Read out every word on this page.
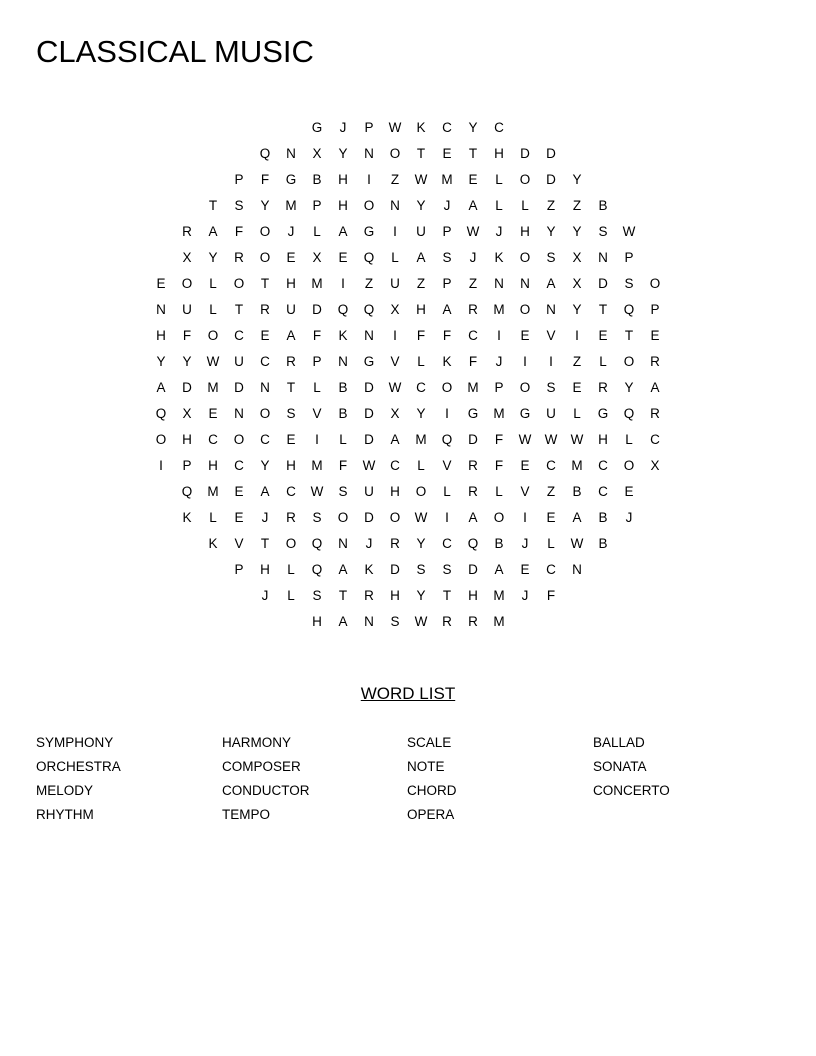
CLASSICAL MUSIC
G	J	P	W	K	C	Y	C
Q	N	X	Y	N	O	T	E	T	H	D	D
P	F	G	B	H	I	Z	W	M	E	L	O	D	Y
T	S	Y	M	P	H	O	N	Y	J	A	L	L	Z	Z	B
R	A	F	O	J	L	A	G	I	U	P	W	J	H	Y	Y	S	W
X	Y	R	O	E	X	E	Q	L	A	S	J	K	O	S	X	N	P
E	O	L	O	T	H	M	I	Z	U	Z	P	Z	N	N	A	X	D	S	O
N	U	L	T	R	U	D	Q	Q	X	H	A	R	M	O	N	Y	T	Q	P
H	F	O	C	E	A	F	K	N	I	F	F	C	I	E	V	I	E	T	E
Y	Y	W	U	C	R	P	N	G	V	L	K	F	J	I	I	Z	L	O	R
A	D	M	D	N	T	L	B	D	W	C	O	M	P	O	S	E	R	Y	A
Q	X	E	N	O	S	V	B	D	X	Y	I	G	M	G	U	L	G	Q	R
O	H	C	O	C	E	I	L	D	A	M	Q	D	F	W W W	H	L	C
I	P	H	C	Y	H	M	F	W	C	L	V	R	F	E	C	M	C	O	X
Q	M	E	A	C	W	S	U	H	O	L	R	L	V	Z	B	C	E
K	L	E	J	R	S	O	D	O	W	I	A	O	I	E	A	B	J
K	V	T	O	Q	N	J	R	Y	C	Q	B	J	L	W	B
P	H	L	Q	A	K	D	S	S	D	A	E	C	N
J	L	S	T	R	H	Y	T	H	M	J	F
H	A	N	S	W	R	R	M
WORD LIST
SYMPHONY
ORCHESTRA
MELODY
RHYTHM
HARMONY
COMPOSER
CONDUCTOR
TEMPO
SCALE
NOTE
CHORD
OPERA
BALLAD
SONATA
CONCERTO
